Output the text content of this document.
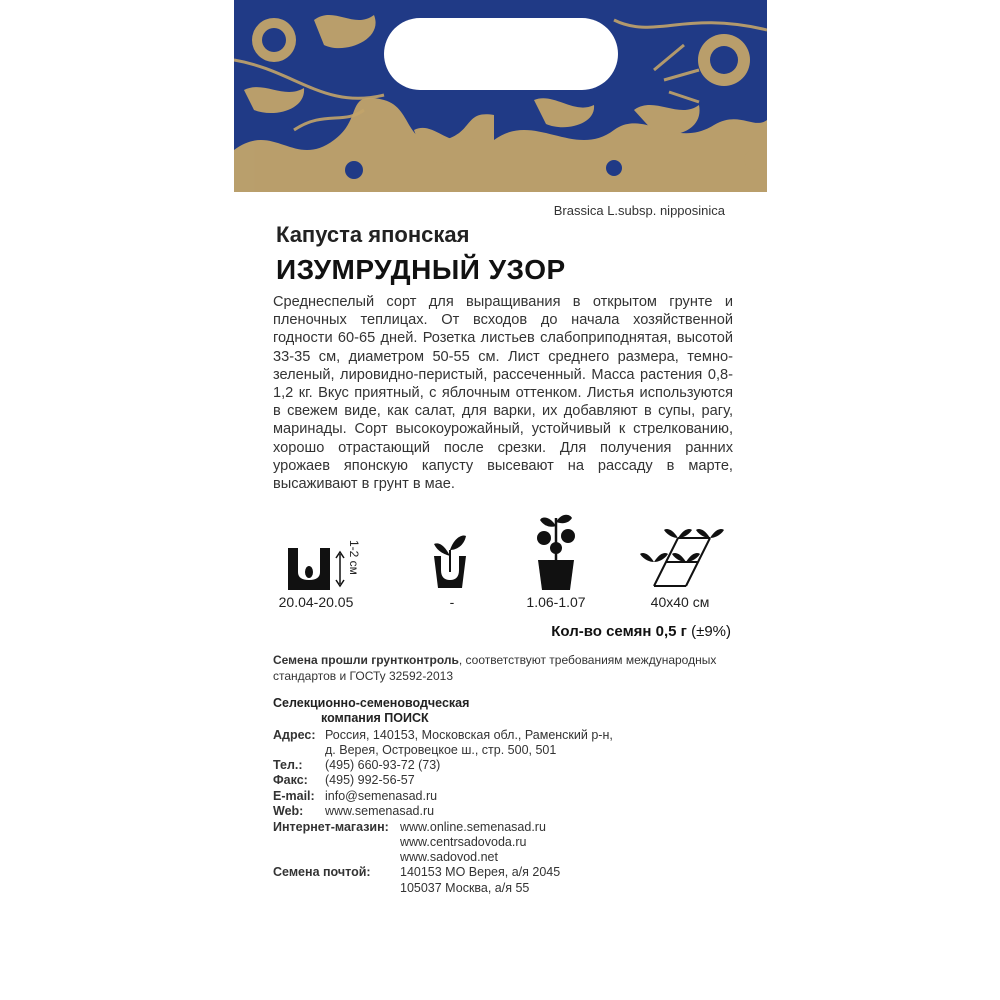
Brassica L.subsp. nipposinica
Капуста японская
ИЗУМРУДНЫЙ УЗОР

Среднеспелый сорт для выращивания в открытом грунте и пленочных теплицах. От всходов до начала хозяйственной годности 60-65 дней. Розетка листьев слабоприподнятая, высотой 33-35 см, диаметром 50-55 см. Лист среднего размера, темно-зеленый, лировидно-перистый, рассеченный. Масса растения 0,8-1,2 кг. Вкус приятный, с яблочным оттенком. Листья используются в свежем виде, как салат, для варки, их добавляют в супы, рагу, маринады. Сорт высокоурожайный, устойчивый к стрелкованию, хорошо отрастающий после срезки. Для получения ранних урожаев японскую капусту высевают на рассаду в марте, высаживают в грунт в мае.

1-2 см
20.04-20.05	-	1.06-1.07	40x40 см
Кол-во семян 0,5 г (±9%)
Семена прошли грунтконтроль, соответствуют требованиям международных стандартов и ГОСТу 32592-2013
Селекционно-семеноводческая
компания ПОИСК
Адрес: Россия, 140153, Московская обл., Раменский р-н,
д. Верея, Островецкое ш., стр. 500, 501
Тел.: (495) 660-93-72 (73)
Факс: (495) 992-56-57
E-mail: info@semenasad.ru
Web: www.semenasad.ru
Интернет-магазин: www.online.semenasad.ru
www.centrsadovoda.ru
www.sadovod.net
Семена почтой: 140153 МО Верея, а/я 2045
105037 Москва, а/я 55
